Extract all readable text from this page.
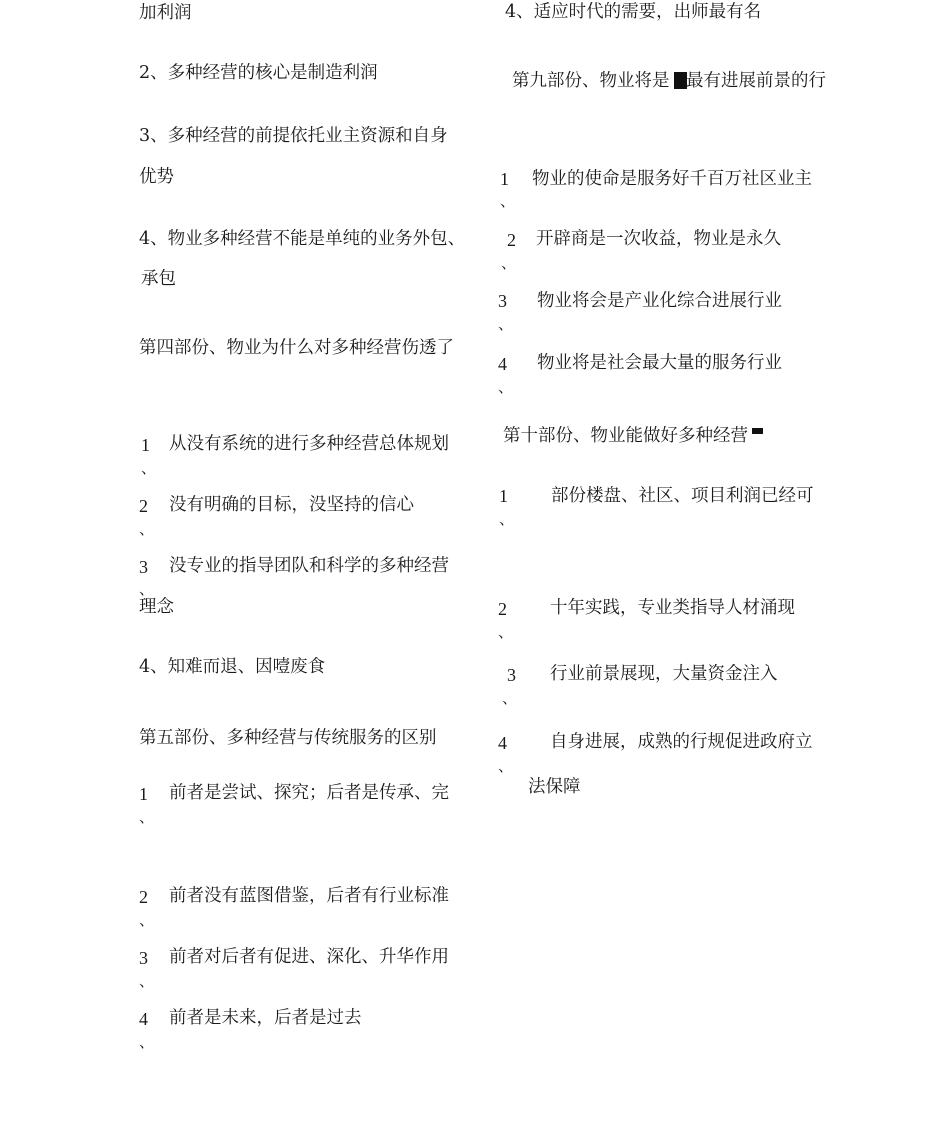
加利润
2、多种经营的核心是制造利润
3、多种经营的前提依托业主资源和自身
优势
4、物业多种经营不能是单纯的业务外包、
承包
第四部份、物业为什么对多种经营伤透了
1
、
从没有系统的进行多种经营总体规划
2
、
没有明确的目标，没坚持的信心
3
、
没专业的指导团队和科学的多种经营
理念
4、知难而退、因噎废食
第五部份、多种经营与传统服务的区别
1
、
前者是尝试、探究；后者是传承、完
2
、
前者没有蓝图借鉴，后者有行业标准
3
、
前者对后者有促进、深化、升华作用
4
、
前者是未来，后者是过去
4、适应时代的需要，出师最有名
第九部份、物业将是 最有进展前景的行
1
、
物业的使命是服务好千百万社区业主
2
、
开辟商是一次收益，物业是永久
3
、
物业将会是产业化综合进展行业
4
、
物业将是社会最大量的服务行业
第十部份、物业能做好多种经营
1
、
部份楼盘、社区、项目利润已经可
2
、
十年实践，专业类指导人材涌现
3
、
行业前景展现，大量资金注入
4
、
自身进展，成熟的行规促进政府立
法保障
